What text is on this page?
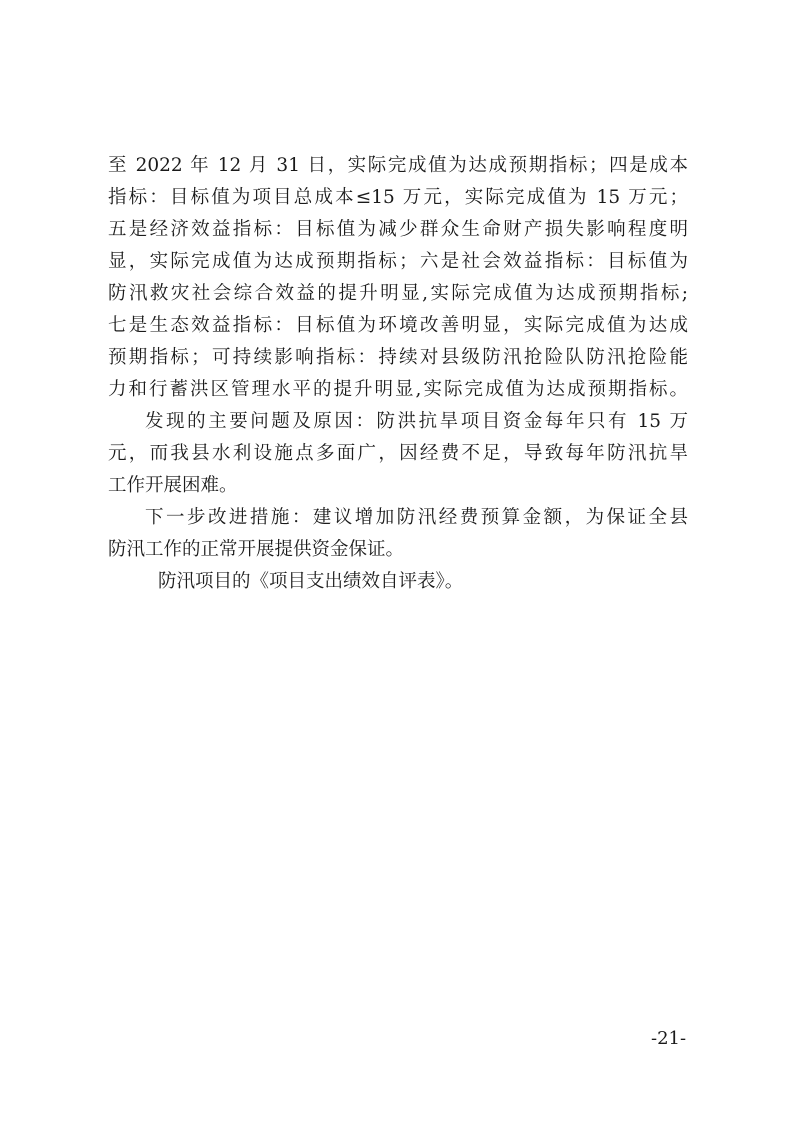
至 2022 年 12 月 31 日，实际完成值为达成预期指标；四是成本
指标：目标值为项目总成本≤15 万元，实际完成值为 15 万元；
五是经济效益指标：目标值为减少群众生命财产损失影响程度明
显，实际完成值为达成预期指标；六是社会效益指标：目标值为
防汛救灾社会综合效益的提升明显,实际完成值为达成预期指标;
七是生态效益指标：目标值为环境改善明显，实际完成值为达成
预期指标；可持续影响指标：持续对县级防汛抢险队防汛抢险能
力和行蓄洪区管理水平的提升明显,实际完成值为达成预期指标。
发现的主要问题及原因：防洪抗旱项目资金每年只有 15 万
元，而我县水利设施点多面广，因经费不足，导致每年防汛抗旱
工作开展困难。
下一步改进措施：建议增加防汛经费预算金额，为保证全县
防汛工作的正常开展提供资金保证。
防汛项目的《项目支出绩效自评表》。
-21-
